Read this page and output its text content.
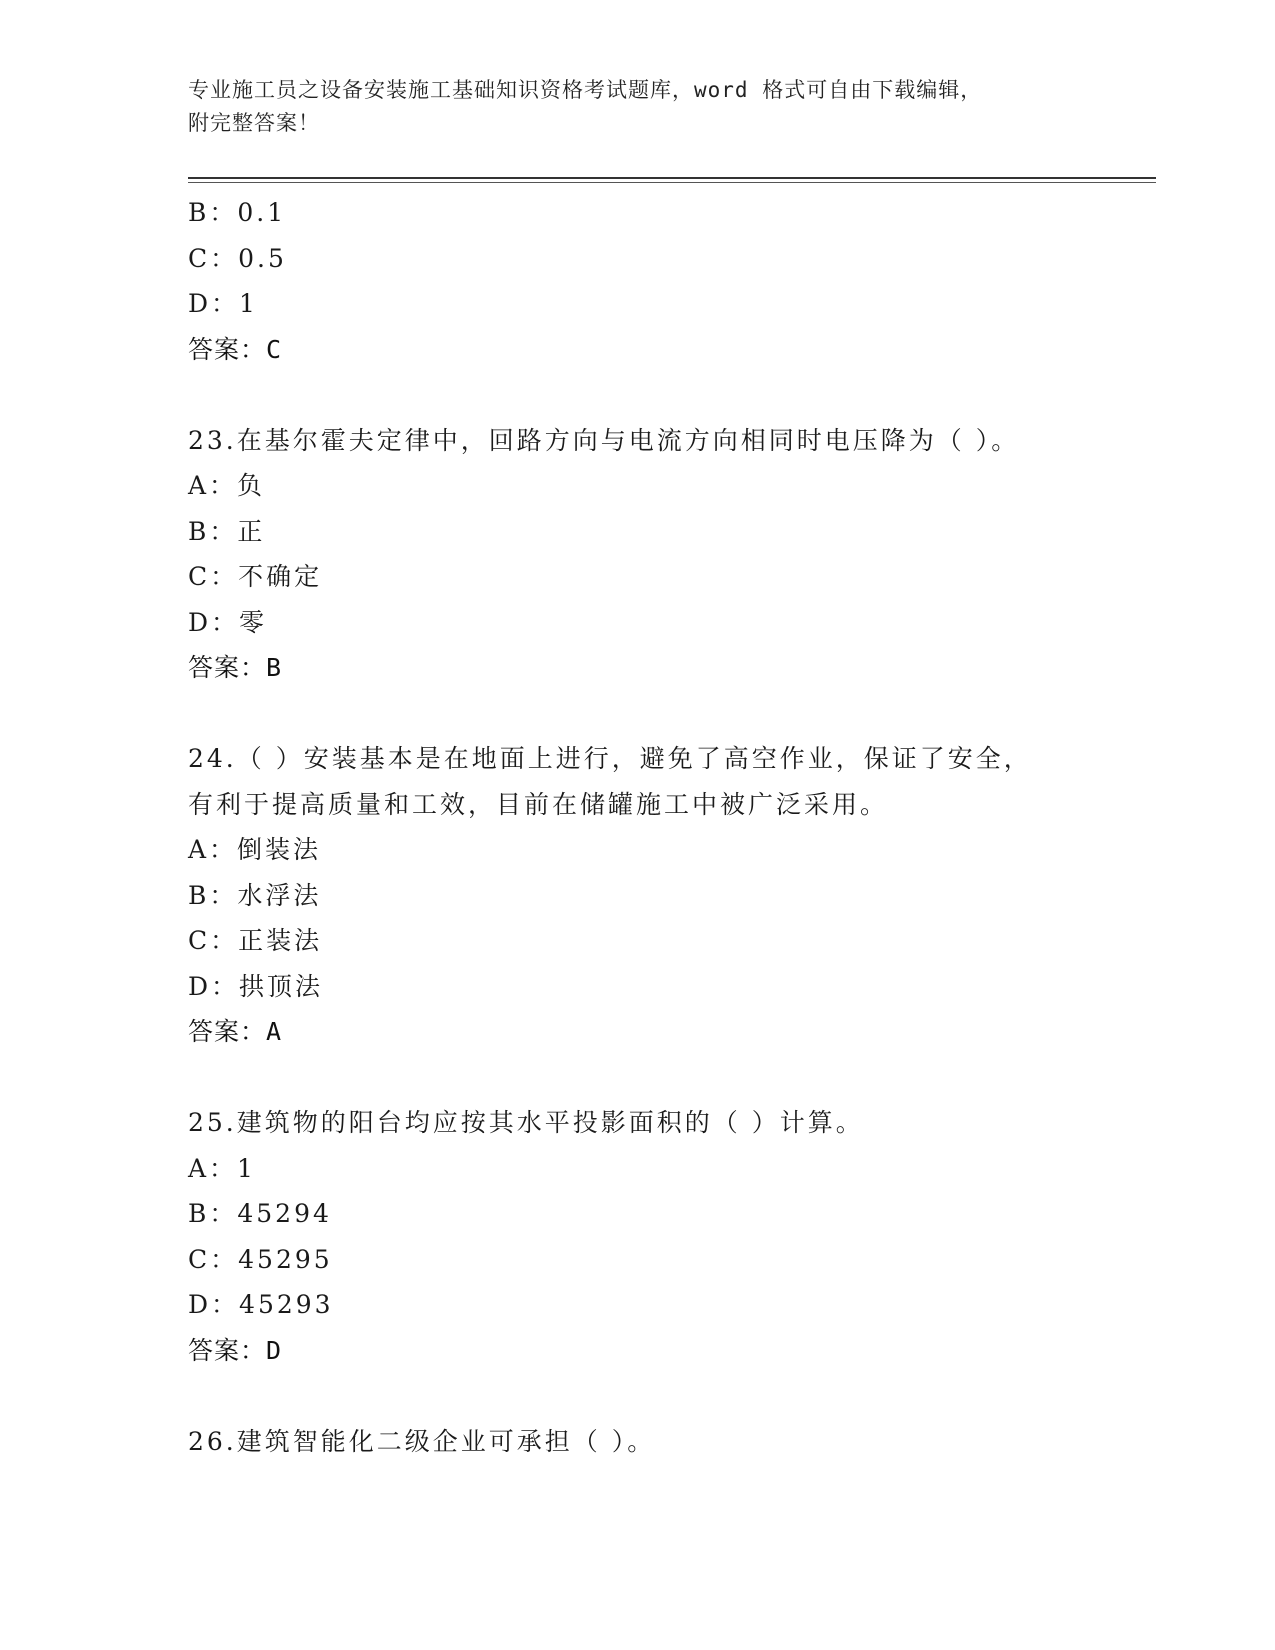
专业施工员之设备安装施工基础知识资格考试题库，word 格式可自由下载编辑，
附完整答案！
B：0.1
C：0.5
D：1
答案：C
23.在基尔霍夫定律中，回路方向与电流方向相同时电压降为（ ）。
A：负
B：正
C：不确定
D：零
答案：B
24.（ ）安装基本是在地面上进行，避免了高空作业，保证了安全，
有利于提高质量和工效，目前在储罐施工中被广泛采用。
A：倒装法
B：水浮法
C：正装法
D：拱顶法
答案：A
25.建筑物的阳台均应按其水平投影面积的（ ）计算。
A：1
B：45294
C：45295
D：45293
答案：D
26.建筑智能化二级企业可承担（ ）。
